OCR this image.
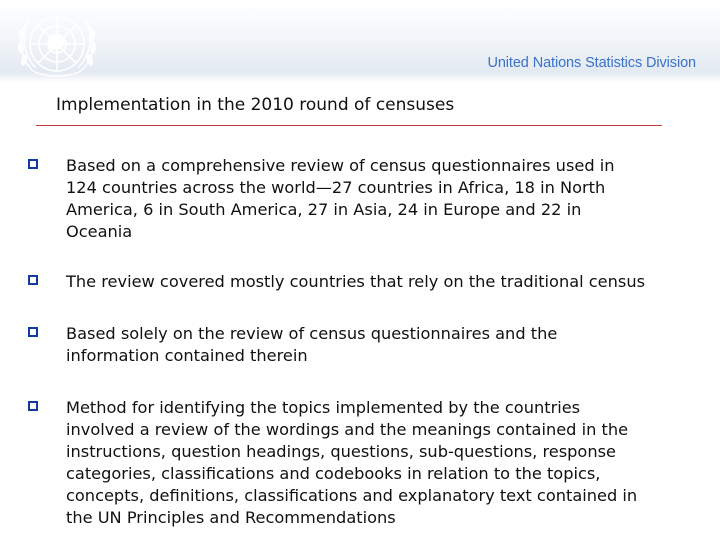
United Nations Statistics Division
Implementation in the 2010 round of censuses
Based on a comprehensive review of census questionnaires used in
124 countries across the world—27 countries in Africa, 18 in North
America, 6 in South America, 27 in Asia, 24 in Europe and 22 in
Oceania
The review covered mostly countries that rely on the traditional census
Based solely on the review of census questionnaires and the
information contained therein
Method for identifying the topics implemented by the countries
involved a review of the wordings and the meanings contained in the
instructions, question headings, questions, sub-questions, response
categories, classifications and codebooks in relation to the topics,
concepts, definitions, classifications and explanatory text contained in
the UN Principles and Recommendations
